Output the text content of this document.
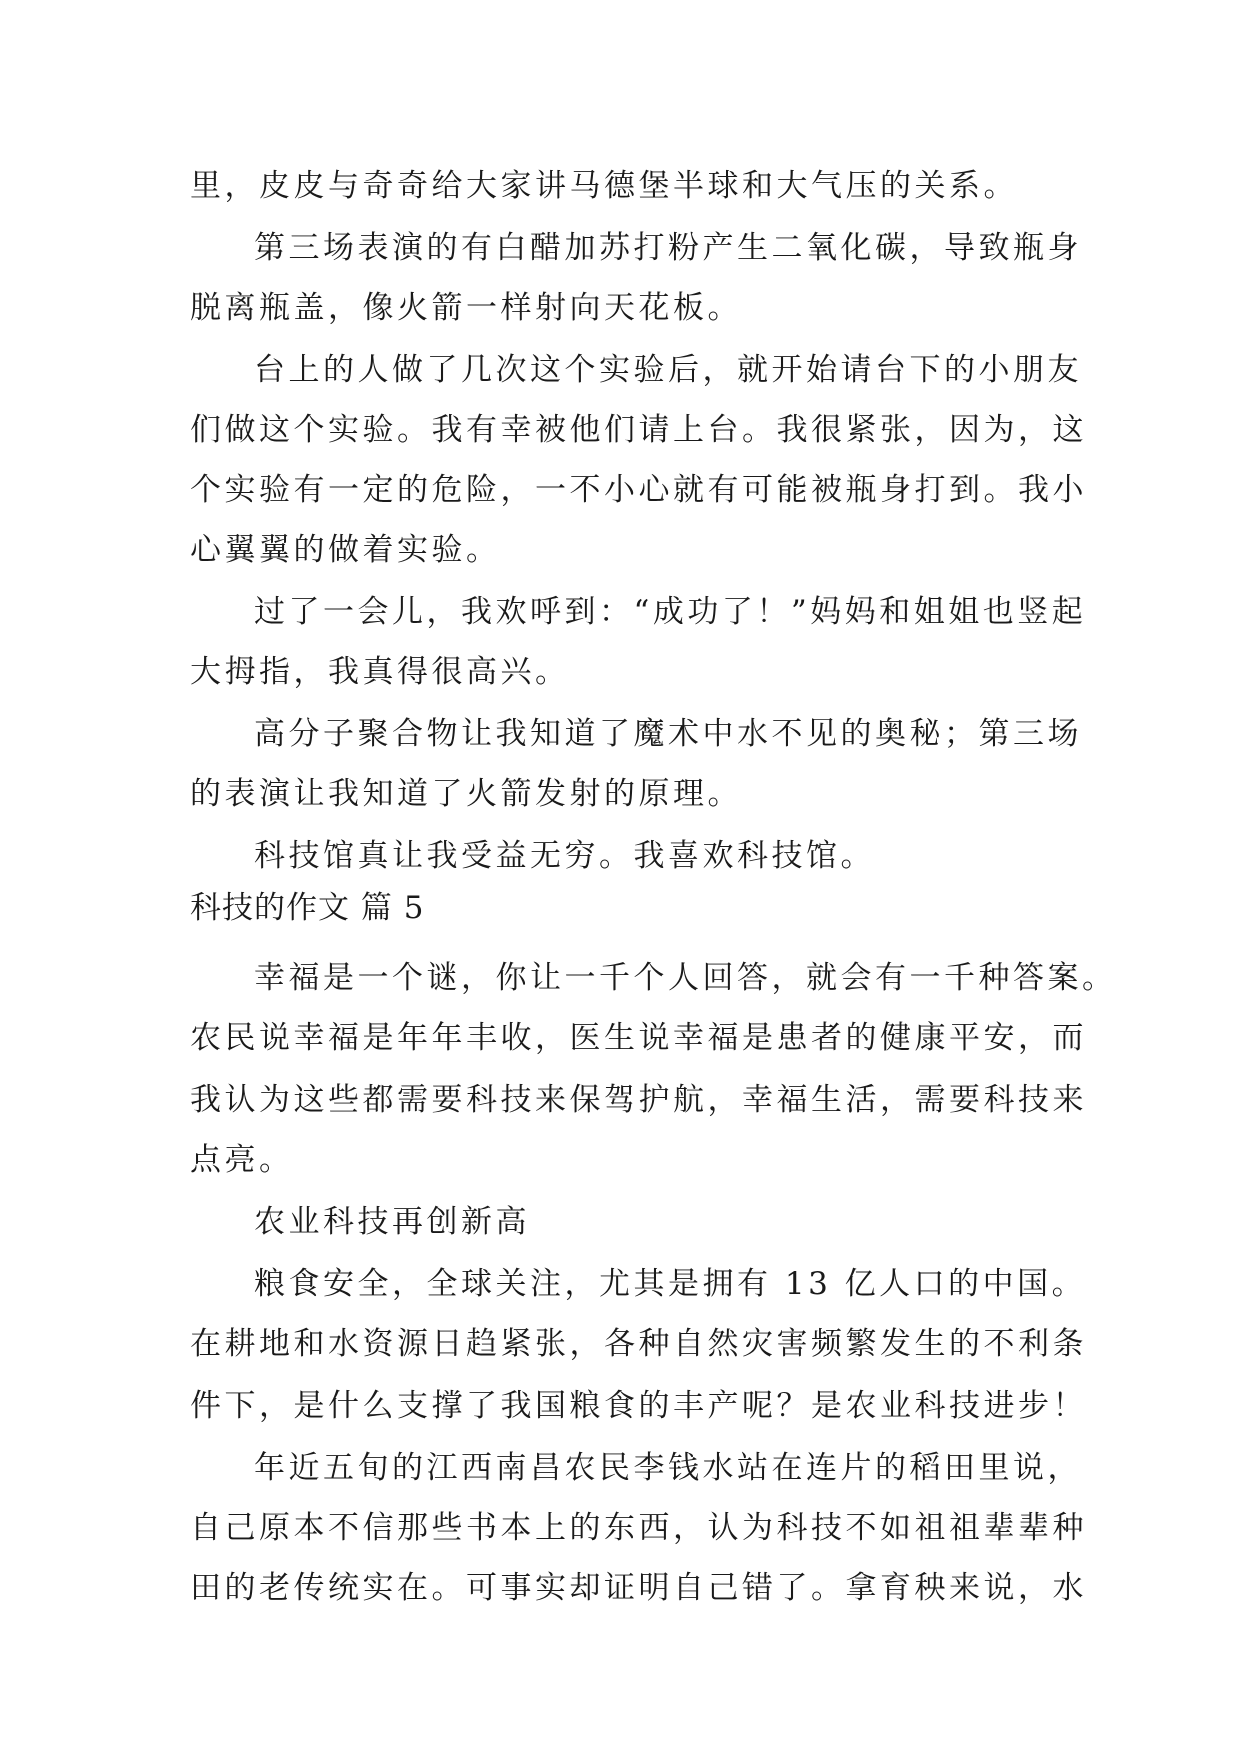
里，皮皮与奇奇给大家讲马德堡半球和大气压的关系。
第三场表演的有白醋加苏打粉产生二氧化碳，导致瓶身
脱离瓶盖，像火箭一样射向天花板。
台上的人做了几次这个实验后，就开始请台下的小朋友
们做这个实验。我有幸被他们请上台。我很紧张，因为，这
个实验有一定的危险，一不小心就有可能被瓶身打到。我小
心翼翼的做着实验。
过了一会儿，我欢呼到：“成功了！”妈妈和姐姐也竖起
大拇指，我真得很高兴。
高分子聚合物让我知道了魔术中水不见的奥秘；第三场
的表演让我知道了火箭发射的原理。
科技馆真让我受益无穷。我喜欢科技馆。
科技的作文 篇 5
幸福是一个谜，你让一千个人回答，就会有一千种答案。
农民说幸福是年年丰收，医生说幸福是患者的健康平安，而
我认为这些都需要科技来保驾护航，幸福生活，需要科技来
点亮。
农业科技再创新高
粮食安全，全球关注，尤其是拥有 13 亿人口的中国。
在耕地和水资源日趋紧张，各种自然灾害频繁发生的不利条
件下，是什么支撑了我国粮食的丰产呢？是农业科技进步！
年近五旬的江西南昌农民李钱水站在连片的稻田里说，
自己原本不信那些书本上的东西，认为科技不如祖祖辈辈种
田的老传统实在。可事实却证明自己错了。拿育秧来说，水
